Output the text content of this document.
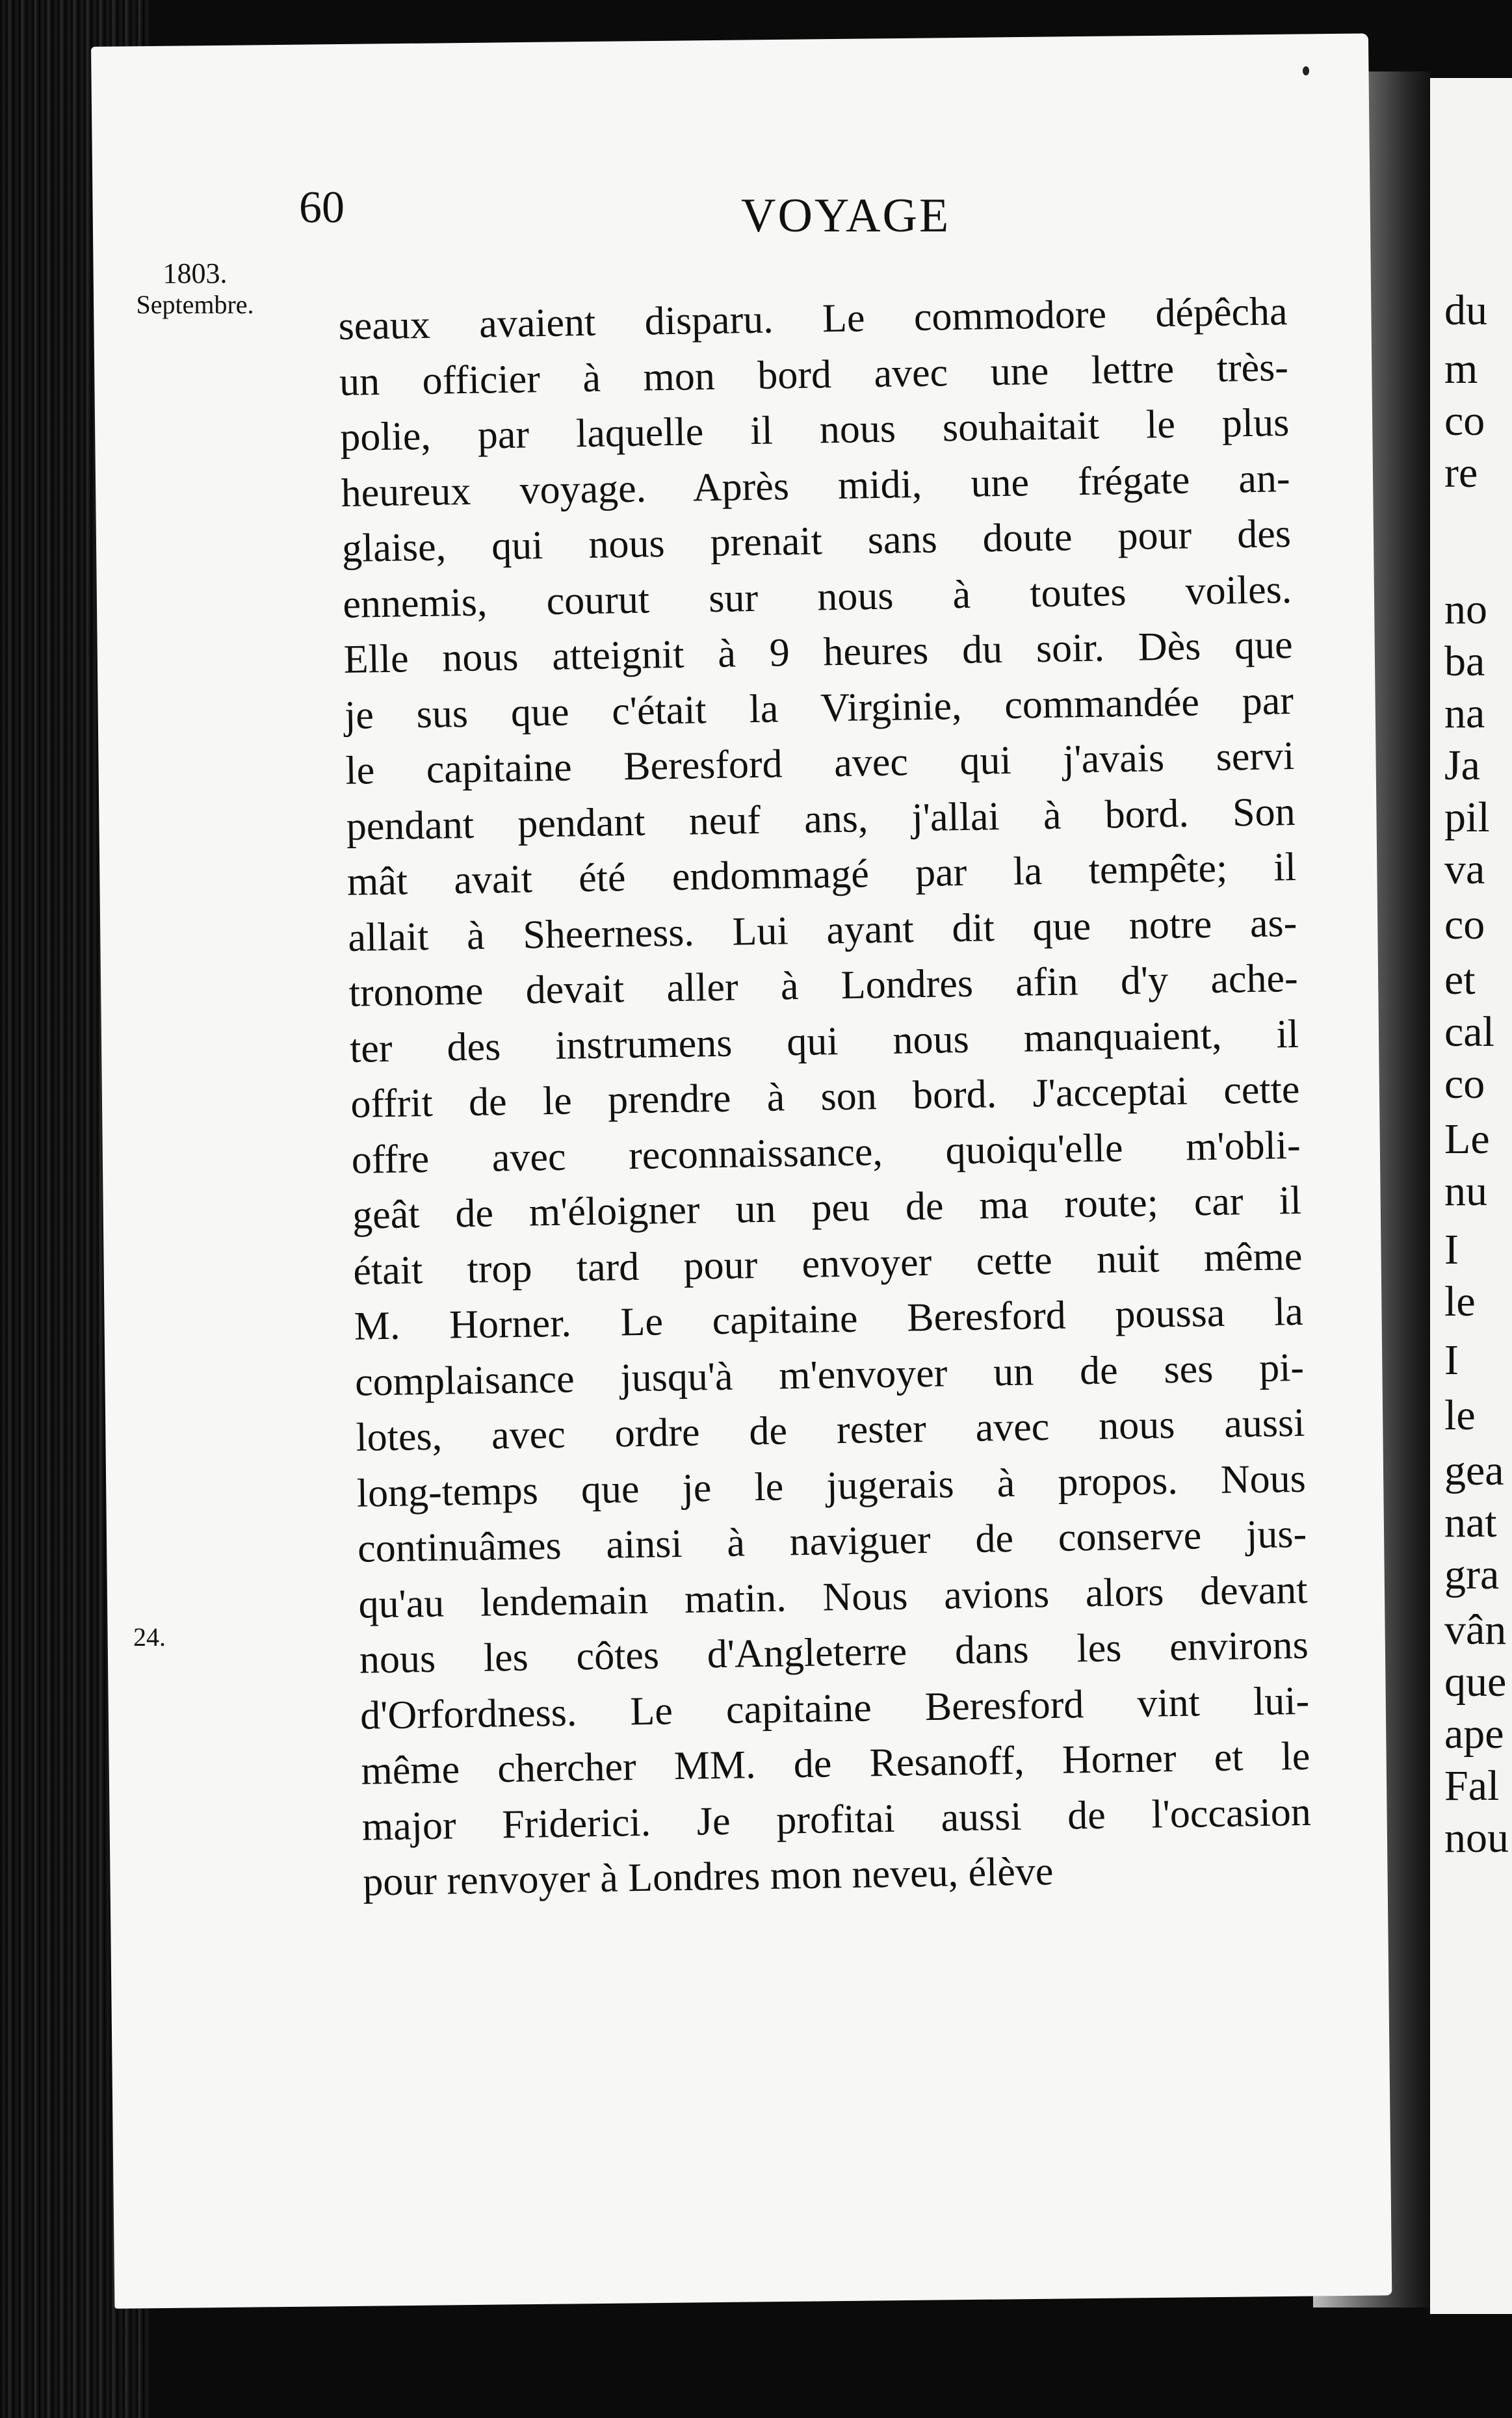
du
m
co
re
no
ba
na
Ja
pil
va
co
et
cal
co
Le
nu
I
le
I
le
gea
nat
gra
vân
que
ape
Fal
nou
60	VOYAGE
1803.
Septembre.
24.
seaux avaient disparu. Le commodore dépêcha
un officier à mon bord avec une lettre très-
polie, par laquelle il nous souhaitait le plus
heureux voyage. Après midi, une frégate an-
glaise, qui nous prenait sans doute pour des
ennemis, courut sur nous à toutes voiles.
Elle nous atteignit à 9 heures du soir. Dès que
je sus que c'était la Virginie, commandée par
le capitaine Beresford avec qui j'avais servi
pendant pendant neuf ans, j'allai à bord. Son
mât avait été endommagé par la tempête; il
allait à Sheerness. Lui ayant dit que notre as-
tronome devait aller à Londres afin d'y ache-
ter des instrumens qui nous manquaient, il
offrit de le prendre à son bord. J'acceptai cette
offre avec reconnaissance, quoiqu'elle m'obli-
geât de m'éloigner un peu de ma route; car il
était trop tard pour envoyer cette nuit même
M. Horner. Le capitaine Beresford poussa la
complaisance jusqu'à m'envoyer un de ses pi-
lotes, avec ordre de rester avec nous aussi
long-temps que je le jugerais à propos. Nous
continuâmes ainsi à naviguer de conserve jus-
qu'au lendemain matin. Nous avions alors devant
nous les côtes d'Angleterre dans les environs
d'Orfordness. Le capitaine Beresford vint lui-
même chercher MM. de Resanoff, Horner et le
major Friderici. Je profitai aussi de l'occasion
pour renvoyer à Londres mon neveu, élève
